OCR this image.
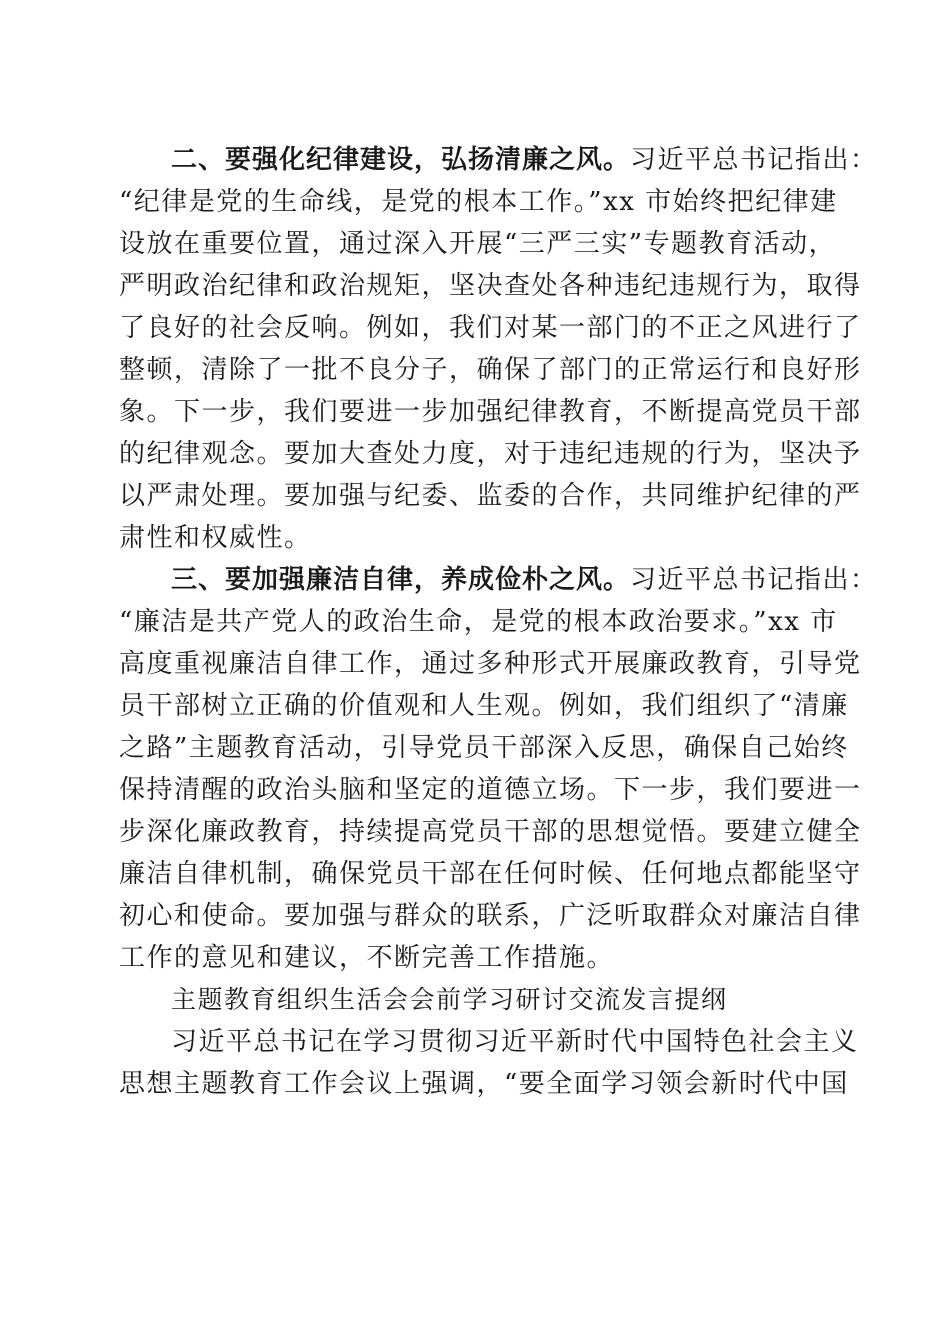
二、要强化纪律建设，弘扬清廉之风。习近平总书记指出：
“纪律是党的生命线，是党的根本工作。”xx 市始终把纪律建
设放在重要位置，通过深入开展“三严三实”专题教育活动，
严明政治纪律和政治规矩，坚决查处各种违纪违规行为，取得
了良好的社会反响。例如，我们对某一部门的不正之风进行了
整顿，清除了一批不良分子，确保了部门的正常运行和良好形
象。下一步，我们要进一步加强纪律教育，不断提高党员干部
的纪律观念。要加大查处力度，对于违纪违规的行为，坚决予
以严肃处理。要加强与纪委、监委的合作，共同维护纪律的严
肃性和权威性。
三、要加强廉洁自律，养成俭朴之风。习近平总书记指出：
“廉洁是共产党人的政治生命，是党的根本政治要求。”xx 市
高度重视廉洁自律工作，通过多种形式开展廉政教育，引导党
员干部树立正确的价值观和人生观。例如，我们组织了“清廉
之路”主题教育活动，引导党员干部深入反思，确保自己始终
保持清醒的政治头脑和坚定的道德立场。下一步，我们要进一
步深化廉政教育，持续提高党员干部的思想觉悟。要建立健全
廉洁自律机制，确保党员干部在任何时候、任何地点都能坚守
初心和使命。要加强与群众的联系，广泛听取群众对廉洁自律
工作的意见和建议，不断完善工作措施。
主题教育组织生活会会前学习研讨交流发言提纲
习近平总书记在学习贯彻习近平新时代中国特色社会主义
思想主题教育工作会议上强调，“要全面学习领会新时代中国
